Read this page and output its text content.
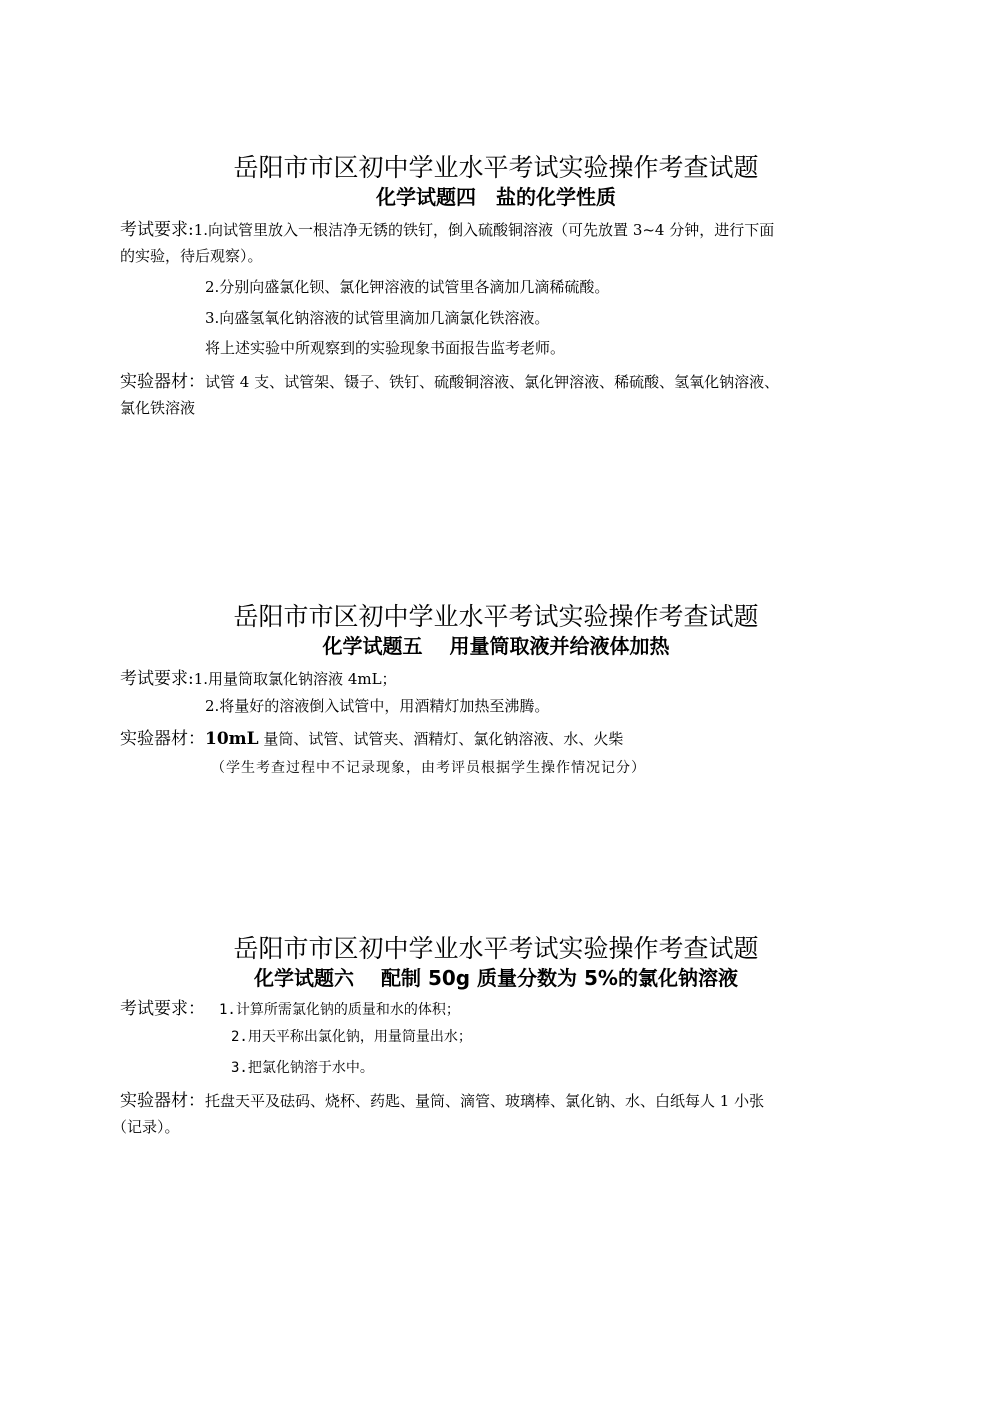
岳阳市市区初中学业水平考试实验操作考查试题
化学试题四　盐的化学性质
考试要求:1.向试管里放入一根洁净无锈的铁钉，倒入硫酸铜溶液（可先放置 3~4 分钟，进行下面
的实验，待后观察）。
2.分别向盛氯化钡、氯化钾溶液的试管里各滴加几滴稀硫酸。
3.向盛氢氧化钠溶液的试管里滴加几滴氯化铁溶液。
将上述实验中所观察到的实验现象书面报告监考老师。
实验器材：试管 4 支、试管架、镊子、铁钉、硫酸铜溶液、氯化钾溶液、稀硫酸、氢氧化钠溶液、
氯化铁溶液
岳阳市市区初中学业水平考试实验操作考查试题
化学试题五　 用量筒取液并给液体加热
考试要求:1.用量筒取氯化钠溶液 4mL；
2.将量好的溶液倒入试管中，用酒精灯加热至沸腾。
实验器材：10mL 量筒、试管、试管夹、酒精灯、氯化钠溶液、水、火柴
（学生考查过程中不记录现象，由考评员根据学生操作情况记分）
岳阳市市区初中学业水平考试实验操作考查试题
化学试题六　 配制 50g 质量分数为 5%的氯化钠溶液
考试要求： 1.计算所需氯化钠的质量和水的体积；
2.用天平称出氯化钠，用量筒量出水；
3.把氯化钠溶于水中。
实验器材：托盘天平及砝码、烧杯、药匙、量筒、滴管、玻璃棒、氯化钠、水、白纸每人 1 小张
（记录）。
